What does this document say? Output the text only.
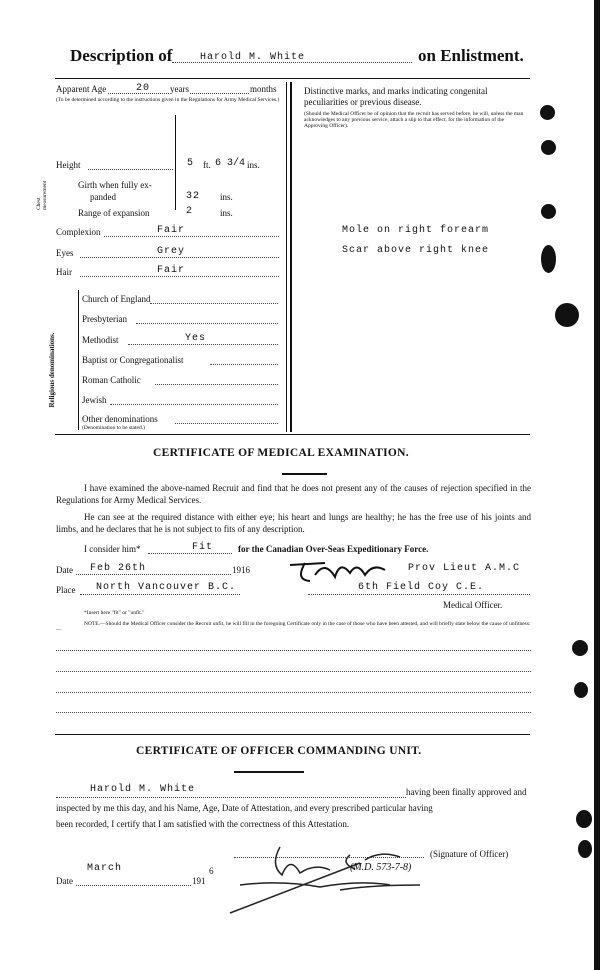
Description of	Harold M. White	on Enlistment.
Apparent Age	20 years	months
(To be determined according to the instructions given in the Regulations for Army Medical Services.)
Height	5 ft. 6 3/4 ins.
Chest measurement	Girth when fully ex-
panded	32 ins.
Range of expansion	2	ins.
Complexion	Fair
Eyes	Grey
Hair	Fair
Religious denominations.
Church of England
Presbyterian
Methodist	Yes
Baptist or Congregationalist
Roman Catholic
Jewish
Other denominations
(Denomination to be stated.)
Distinctive marks, and marks indicating congenital peculiarities or previous disease.
(Should the Medical Officer be of opinion that the recruit has served before, he will, unless the man acknowledges to any previous service, attach a slip to that effect, for the information of the Approving Officer).
Mole on right forearm
Scar above right knee
CERTIFICATE OF MEDICAL EXAMINATION.
I have examined the above-named Recruit and find that he does not present any of the causes of rejection specified in the Regulations for Army Medical Services.
He can see at the required distance with either eye; his heart and lungs are healthy; he has the free use of his joints and limbs, and he declares that he is not subject to fits of any description.
I consider him*	Fit	for the Canadian Over-Seas Expeditionary Force.
Date Feb 26th	1916	Prov Lieut A.M.C
Place North Vancouver B.C.	6th Field Coy C.E.
Medical Officer.
*Insert here "fit" or "unfit."
NOTE.—Should the Medical Officer consider the Recruit unfit, he will fill in the foregoing Certificate only in the case of those who have been attested, and will briefly state below the cause of unfitness:—
CERTIFICATE OF OFFICER COMMANDING UNIT.
Harold M. White	having been finally approved and
inspected by me this day, and his Name, Age, Date of Attestation, and every prescribed particular having
been recorded, I certify that I am satisfied with the correctness of this Attestation.
(Signature of Officer)
(M.D. 573-7-8)
Date
March
191
6
